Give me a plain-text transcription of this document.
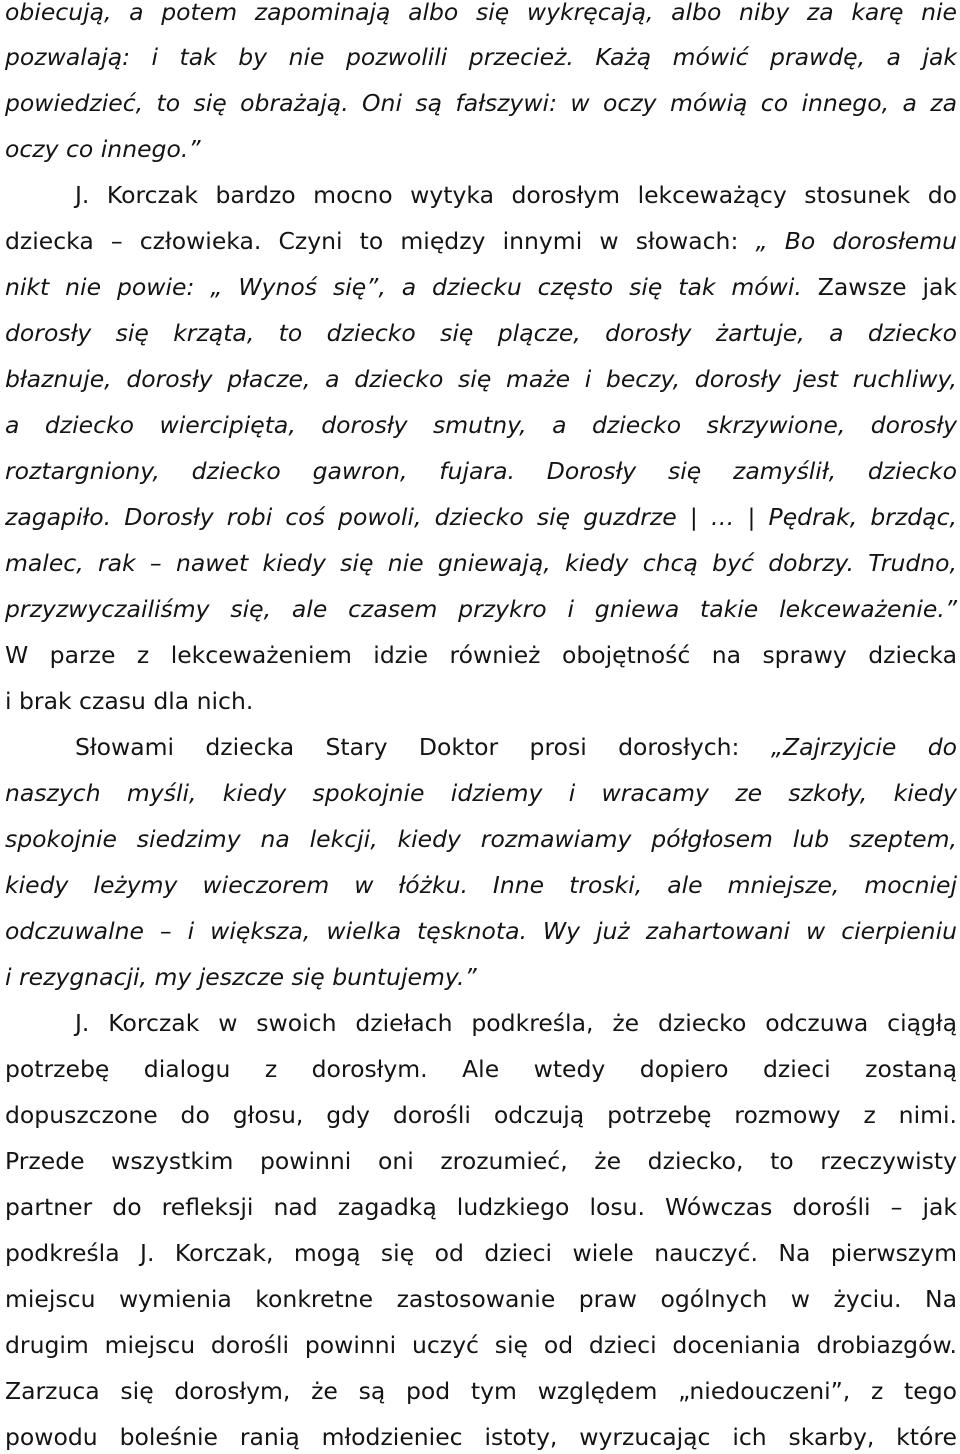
obiecują, a potem zapominają albo się wykręcają, albo niby za karę nie
pozwalają: i tak by nie pozwolili przecież. Każą mówić prawdę, a jak
powiedzieć, to się obrażają. Oni są fałszywi: w oczy mówią co innego, a za
oczy co innego.”
J. Korczak bardzo mocno wytyka dorosłym lekceważący stosunek do
dziecka – człowieka. Czyni to między innymi w słowach: „ Bo dorosłemu
nikt nie powie: „ Wynoś się”, a dziecku często się tak mówi. Zawsze jak
dorosły się krząta, to dziecko się plącze, dorosły żartuje, a dziecko
błaznuje, dorosły płacze, a dziecko się maże i beczy, dorosły jest ruchliwy,
a dziecko wiercipięta, dorosły smutny, a dziecko skrzywione, dorosły
roztargniony, dziecko gawron, fujara. Dorosły się zamyślił, dziecko
zagapiło. Dorosły robi coś powoli, dziecko się guzdrze | … | Pędrak, brzdąc,
malec, rak – nawet kiedy się nie gniewają, kiedy chcą być dobrzy. Trudno,
przyzwyczailiśmy się, ale czasem przykro i gniewa takie lekceważenie.”
W parze z lekceważeniem idzie również obojętność na sprawy dziecka
i brak czasu dla nich.
Słowami dziecka Stary Doktor prosi dorosłych: „Zajrzyjcie do
naszych myśli, kiedy spokojnie idziemy i wracamy ze szkoły, kiedy
spokojnie siedzimy na lekcji, kiedy rozmawiamy półgłosem lub szeptem,
kiedy leżymy wieczorem w łóżku. Inne troski, ale mniejsze, mocniej
odczuwalne – i większa, wielka tęsknota. Wy już zahartowani w cierpieniu
i rezygnacji, my jeszcze się buntujemy.”
J. Korczak w swoich dziełach podkreśla, że dziecko odczuwa ciągłą
potrzebę dialogu z dorosłym. Ale wtedy dopiero dzieci zostaną
dopuszczone do głosu, gdy dorośli odczują potrzebę rozmowy z nimi.
Przede wszystkim powinni oni zrozumieć, że dziecko, to rzeczywisty
partner do refleksji nad zagadką ludzkiego losu. Wówczas dorośli – jak
podkreśla J. Korczak, mogą się od dzieci wiele nauczyć. Na pierwszym
miejscu wymienia konkretne zastosowanie praw ogólnych w życiu. Na
drugim miejscu dorośli powinni uczyć się od dzieci doceniania drobiazgów.
Zarzuca się dorosłym, że są pod tym względem „niedouczeni”, z tego
powodu boleśnie ranią młodzieniec istoty, wyrzucając ich skarby, które
